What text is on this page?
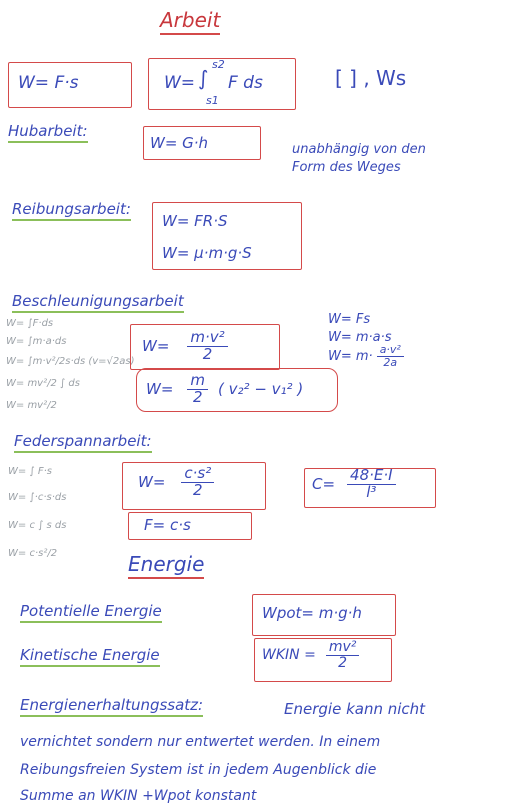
Arbeit
W= F·s	W= ∫
s2
s1
F ds	[ ] , Ws
Hubarbeit:
W= G·h	unabhängig von den
Form des Weges
Reibungsarbeit:
W= FR·S
W= μ·m·g·S
Beschleunigungsarbeit
W= ∫F·ds
W= ∫m·a·ds
W= ∫m·v²/2s·ds (v=√2as)
W= mv²/2 ∫ ds
W= mv²/2
$W= \frac{\text{m·v²}}{2}$
$W= \frac{m}{2}$ ( v₂² − v₁² )
W= Fs
W= m·a·s
$W= m\cdot \frac{\text{a·v²}}{2a}$
Federspannarbeit:
W= ∫ F·s
W= ∫·c·s·ds
W= c ∫ s ds
W= c·s²/2
$W= \frac{\text{c·s²}}{2}$
F= c·s
$C= \frac{48\cdot E\cdot I}{\text{l³}}$
Energie
Potentielle Energie	Wpot= m·g·h
Kinetische Energie	WKIN = $\frac{\text{mv²}}{2}$
Energienerhaltungssatz:	Energie kann nicht
vernichtet sondern nur entwertet werden. In einem
Reibungsfreien System ist in jedem Augenblick die
Summe an WKIN +Wpot konstant
